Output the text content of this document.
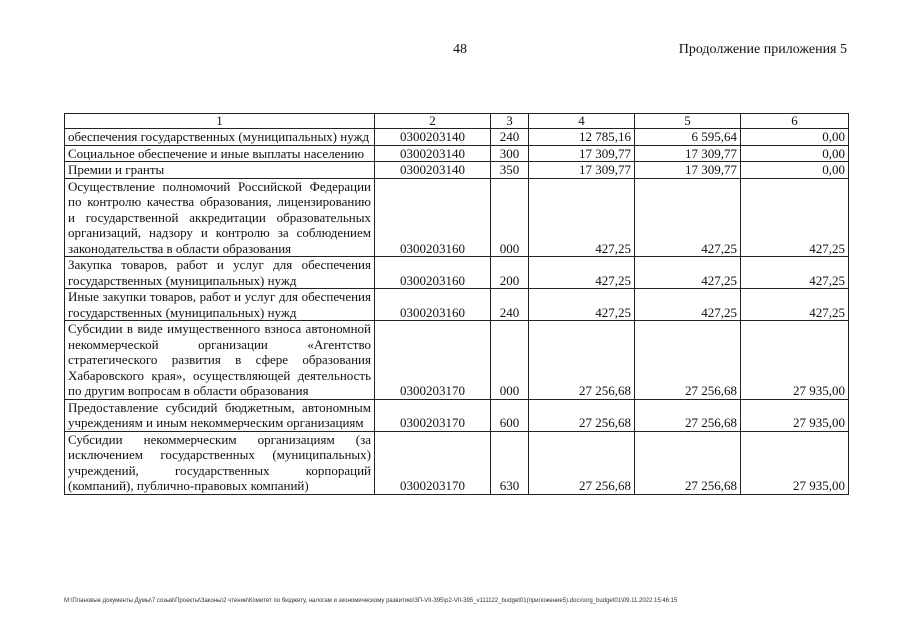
48	Продолжение приложения 5
1	2	3	4	5	6
обеспечения государственных (муниципальных) нужд	0300203140	240	12 785,16	6 595,64	0,00
Социальное обеспечение и иные выплаты населению	0300203140	300	17 309,77	17 309,77	0,00
Премии и гранты	0300203140	350	17 309,77	17 309,77	0,00
Осуществление полномочий Российской Федерации по контролю качества образования, лицензированию и государственной аккредитации образовательных организаций, надзору и контролю за соблюдением законодательства в области образования	0300203160	000	427,25	427,25	427,25
Закупка товаров, работ и услуг для обеспечения государственных (муниципальных) нужд	0300203160	200	427,25	427,25	427,25
Иные закупки товаров, работ и услуг для обеспечения государственных (муниципальных) нужд	0300203160	240	427,25	427,25	427,25
Субсидии в виде имущественного взноса автономной некоммерческой организации «Агентство стратегического развития в сфере образования Хабаровского края», осуществляющей деятельность по другим вопросам в области образования	0300203170	000	27 256,68	27 256,68	27 935,00
Предоставление субсидий бюджетным, автономным учреждениям и иным некоммерческим организациям	0300203170	600	27 256,68	27 256,68	27 935,00
Субсидии некоммерческим организациям (за исключением государственных (муниципальных) учреждений, государственных корпораций (компаний), публично-правовых компаний)	0300203170	630	27 256,68	27 256,68	27 935,00
M:\Плановые документы Думы\7 созыв\Проекты\Законы\2 чтение\Комитет по бюджету, налогам и экономическому развитию\ЗП-VII-395\р2-VII-395_v111122_budget01(приложение5).docx\org_budget01\09.11.2022 15:46:15
